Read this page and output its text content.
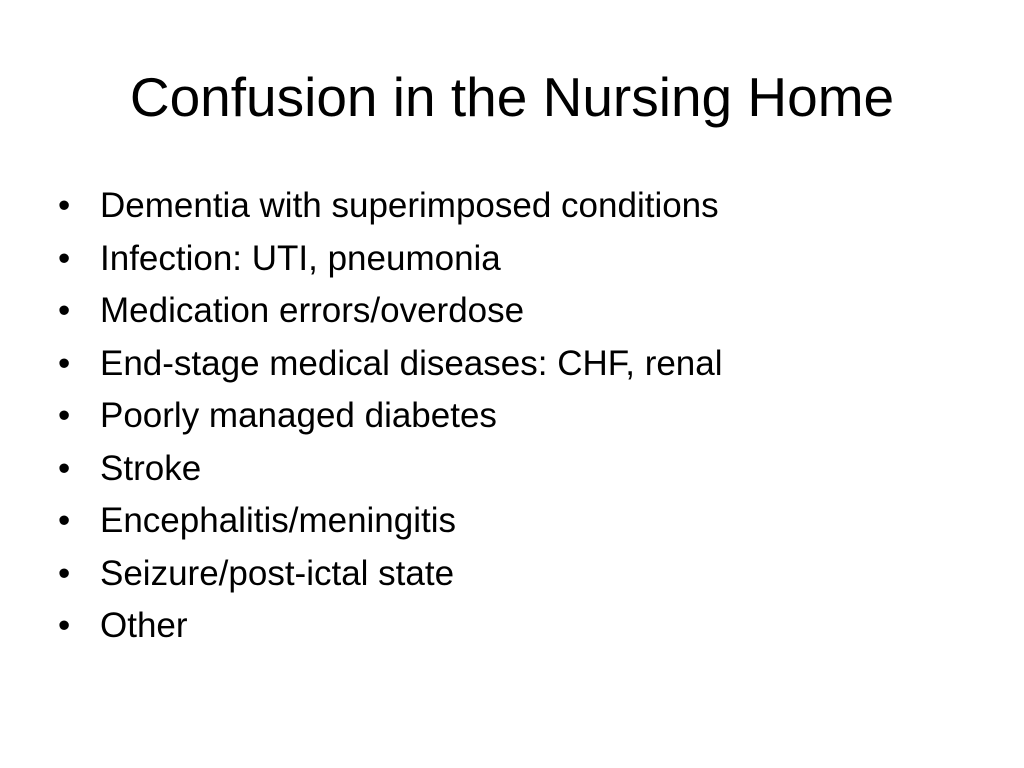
Confusion in the Nursing Home
• Dementia with superimposed conditions
• Infection: UTI, pneumonia
• Medication errors/overdose
• End-stage medical diseases: CHF, renal
• Poorly managed diabetes
• Stroke
• Encephalitis/meningitis
• Seizure/post-ictal state
• Other
